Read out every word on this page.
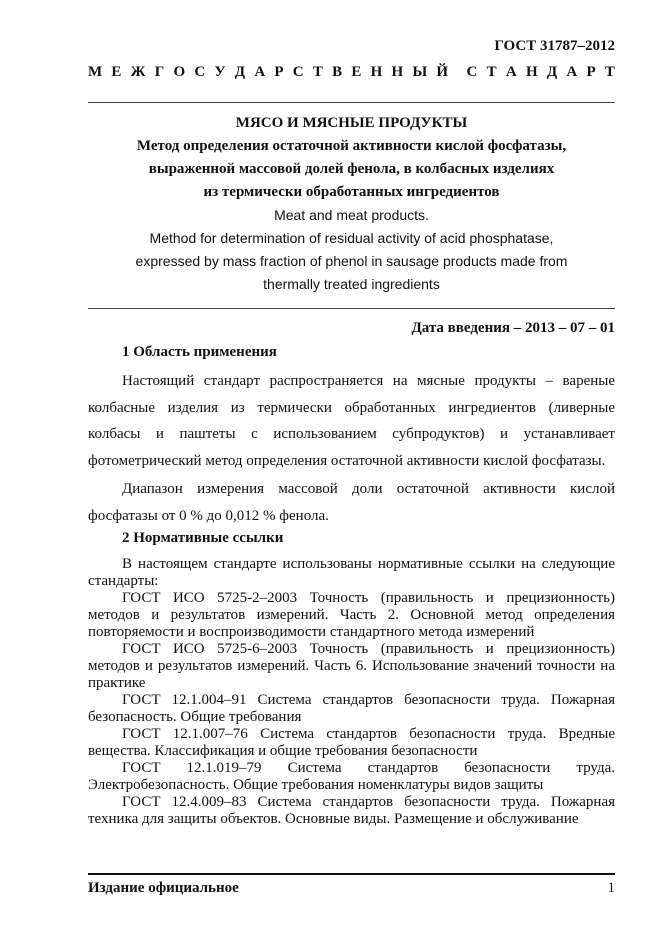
ГОСТ 31787–2012
М Е Ж Г О С У Д А Р С Т В Е Н Н Ы Й С Т А Н Д А Р Т
МЯСО И МЯСНЫЕ ПРОДУКТЫ
Метод определения остаточной активности кислой фосфатазы,
выраженной массовой долей фенола, в колбасных изделиях
из термически обработанных ингредиентов
Meat and meat products.
Method for determination of residual activity of acid phosphatase,
expressed by mass fraction of phenol in sausage products made from
thermally treated ingredients
Дата введения – 2013 – 07 – 01
1 Область применения
Настоящий стандарт распространяется на мясные продукты – вареные колбасные изделия из термически обработанных ингредиентов (ливерные колбасы и паштеты с использованием субпродуктов) и устанавливает фотометрический метод определения остаточной активности кислой фосфатазы.
Диапазон измерения массовой доли остаточной активности кислой фосфатазы от 0 % до 0,012 % фенола.
2 Нормативные ссылки
В настоящем стандарте использованы нормативные ссылки на следующие стандарты:
ГОСТ ИСО 5725-2–2003 Точность (правильность и прецизионность) методов и результатов измерений. Часть 2. Основной метод определения повторяемости и воспроизводимости стандартного метода измерений
ГОСТ ИСО 5725-6–2003 Точность (правильность и прецизионность) методов и результатов измерений. Часть 6. Использование значений точности на практике
ГОСТ 12.1.004–91 Система стандартов безопасности труда. Пожарная безопасность. Общие требования
ГОСТ 12.1.007–76 Система стандартов безопасности труда. Вредные вещества. Классификация и общие требования безопасности
ГОСТ 12.1.019–79 Система стандартов безопасности труда. Электробезопасность. Общие требования номенклатуры видов защиты
ГОСТ 12.4.009–83 Система стандартов безопасности труда. Пожарная техника для защиты объектов. Основные виды. Размещение и обслуживание
Издание официальное	1
